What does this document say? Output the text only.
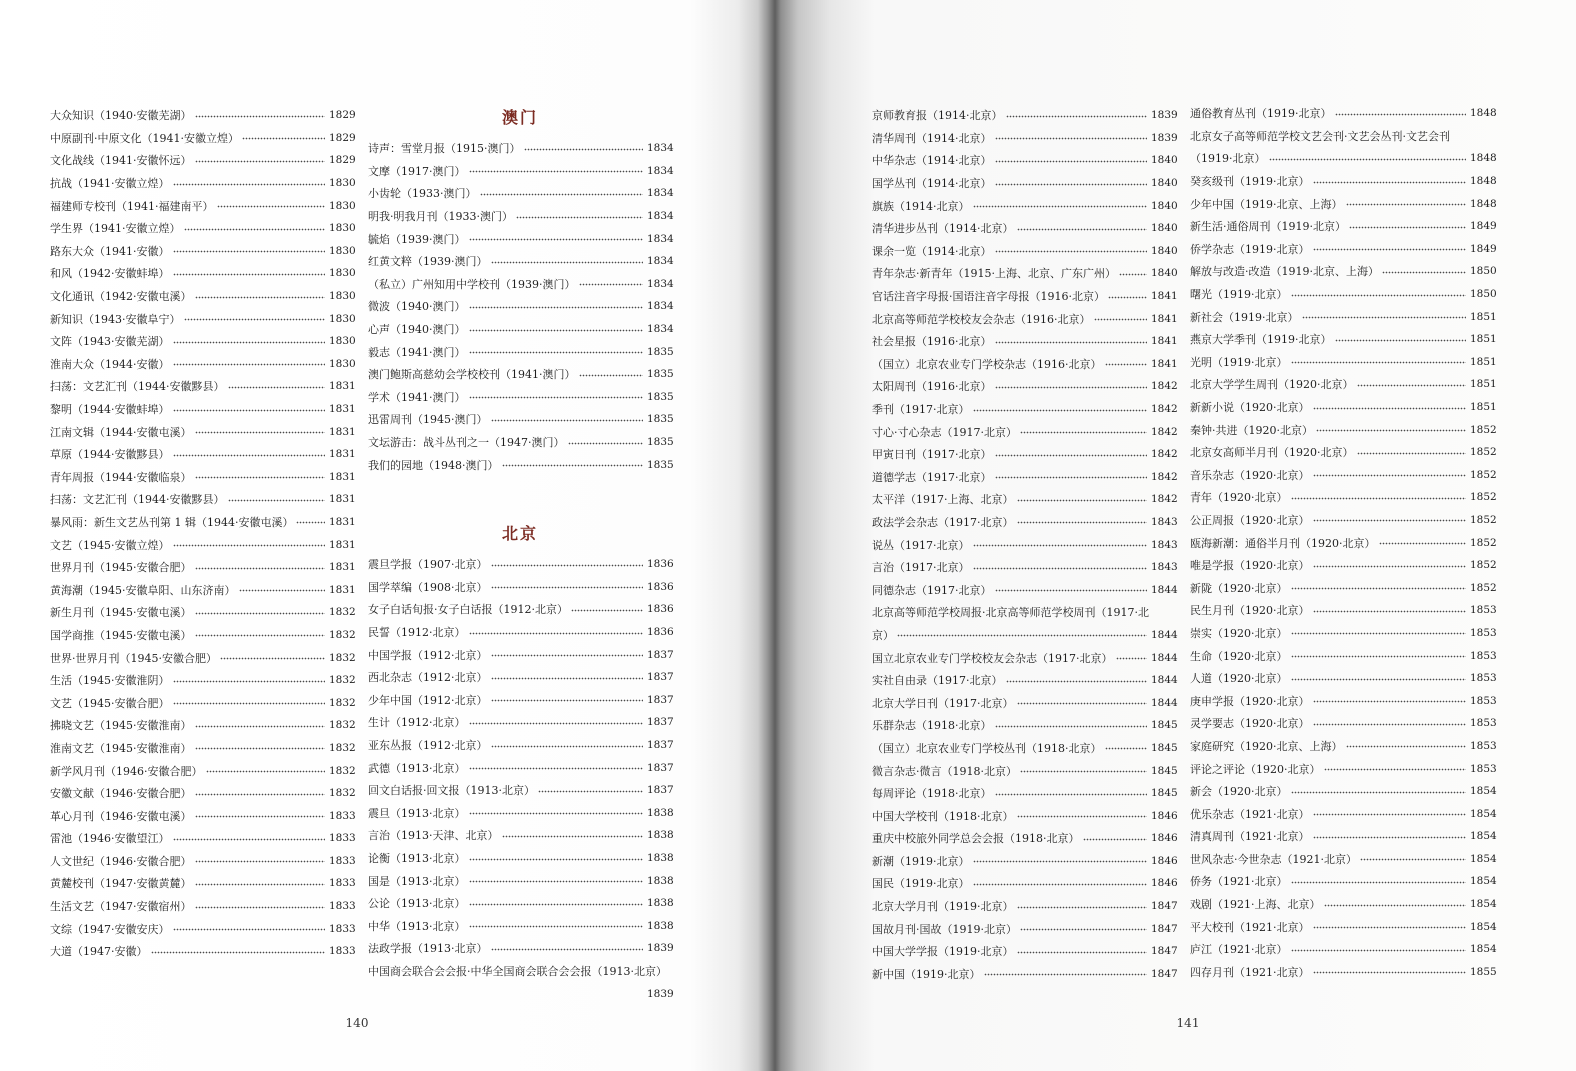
大众知识（1940·安徽芜湖）	1829
中原副刊·中原文化（1941·安徽立煌）	1829
文化战线（1941·安徽怀远）	1829
抗战（1941·安徽立煌）	1830
福建师专校刊（1941·福建南平）	1830
学生界（1941·安徽立煌）	1830
路东大众（1941·安徽）	1830
和风（1942·安徽蚌埠）	1830
文化通讯（1942·安徽屯溪）	1830
新知识（1943·安徽阜宁）	1830
文阵（1943·安徽芜湖）	1830
淮南大众（1944·安徽）	1830
扫荡：文艺汇刊（1944·安徽黟县）	1831
黎明（1944·安徽蚌埠）	1831
江南文辑（1944·安徽屯溪）	1831
草原（1944·安徽黟县）	1831
青年周报（1944·安徽临泉）	1831
扫荡：文艺汇刊（1944·安徽黟县）	1831
暴风雨：新生文艺丛刊第 1 辑（1944·安徽屯溪）	1831
文艺（1945·安徽立煌）	1831
世界月刊（1945·安徽合肥）	1831
黄海潮（1945·安徽阜阳、山东济南）	1831
新生月刊（1945·安徽屯溪）	1832
国学商推（1945·安徽屯溪）	1832
世界·世界月刊（1945·安徽合肥）	1832
生活（1945·安徽淮阴）	1832
文艺（1945·安徽合肥）	1832
拂晓文艺（1945·安徽淮南）	1832
淮南文艺（1945·安徽淮南）	1832
新学风月刊（1946·安徽合肥）	1832
安徽文献（1946·安徽合肥）	1832
革心月刊（1946·安徽屯溪）	1833
雷池（1946·安徽望江）	1833
人文世纪（1946·安徽合肥）	1833
黄麓校刊（1947·安徽黄麓）	1833
生活文艺（1947·安徽宿州）	1833
文综（1947·安徽安庆）	1833
大道（1947·安徽）	1833
澳门
诗声：雪堂月报（1915·澳门）	1834
文摩（1917·澳门）	1834
小齿轮（1933·澳门）	1834
明我·明我月刊（1933·澳门）	1834
毓焰（1939·澳门）	1834
红黄文粹（1939·澳门）	1834
（私立）广州知用中学校刊（1939·澳门）	1834
微波（1940·澳门）	1834
心声（1940·澳门）	1834
毅志（1941·澳门）	1835
澳门鲍斯高慈幼会学校校刊（1941·澳门）	1835
学术（1941·澳门）	1835
迅雷周刊（1945·澳门）	1835
文坛游击：战斗丛刊之一（1947·澳门）	1835
我们的园地（1948·澳门）	1835
北京
震旦学报（1907·北京）	1836
国学萃编（1908·北京）	1836
女子白话旬报·女子白话报（1912·北京）	1836
民誓（1912·北京）	1836
中国学报（1912·北京）	1837
西北杂志（1912·北京）	1837
少年中国（1912·北京）	1837
生计（1912·北京）	1837
亚东丛报（1912·北京）	1837
武德（1913·北京）	1837
回文白话报·回文报（1913·北京）	1837
震旦（1913·北京）	1838
言治（1913·天津、北京）	1838
论衡（1913·北京）	1838
国是（1913·北京）	1838
公论（1913·北京）	1838
中华（1913·北京）	1838
法政学报（1913·北京）	1839
中国商会联合会会报·中华全国商会联合会会报（1913·北京）
1839
140
京师教育报（1914·北京）	1839
清华周刊（1914·北京）	1839
中华杂志（1914·北京）	1840
国学丛刊（1914·北京）	1840
旗族（1914·北京）	1840
清华进步丛刊（1914·北京）	1840
课余一览（1914·北京）	1840
青年杂志·新青年（1915·上海、北京、广东广州）	1840
官话注音字母报·国语注音字母报（1916·北京）	1841
北京高等师范学校校友会杂志（1916·北京）	1841
社会星报（1916·北京）	1841
（国立）北京农业专门学校杂志（1916·北京）	1841
太阳周刊（1916·北京）	1842
季刊（1917·北京）	1842
寸心·寸心杂志（1917·北京）	1842
甲寅日刊（1917·北京）	1842
道德学志（1917·北京）	1842
太平洋（1917·上海、北京）	1842
政法学会杂志（1917·北京）	1843
说丛（1917·北京）	1843
言治（1917·北京）	1843
同德杂志（1917·北京）	1844
北京高等师范学校周报·北京高等师范学校周刊（1917·北
京）	1844
国立北京农业专门学校校友会杂志（1917·北京）	1844
实社自由录（1917·北京）	1844
北京大学日刊（1917·北京）	1844
乐群杂志（1918·北京）	1845
（国立）北京农业专门学校丛刊（1918·北京）	1845
微言杂志·微言（1918·北京）	1845
每周评论（1918·北京）	1845
中国大学校刊（1918·北京）	1846
重庆中校旅外同学总会会报（1918·北京）	1846
新潮（1919·北京）	1846
国民（1919·北京）	1846
北京大学月刊（1919·北京）	1847
国故月刊·国故（1919·北京）	1847
中国大学学报（1919·北京）	1847
新中国（1919·北京）	1847
通俗教育丛刊（1919·北京）	1848
北京女子高等师范学校文艺会刊·文艺会丛刊·文艺会刊
（1919·北京）	1848
癸亥级刊（1919·北京）	1848
少年中国（1919·北京、上海）	1848
新生活·通俗周刊（1919·北京）	1849
侨学杂志（1919·北京）	1849
解放与改造·改造（1919·北京、上海）	1850
曙光（1919·北京）	1850
新社会（1919·北京）	1851
燕京大学季刊（1919·北京）	1851
光明（1919·北京）	1851
北京大学学生周刊（1920·北京）	1851
新新小说（1920·北京）	1851
秦钟·共进（1920·北京）	1852
北京女高师半月刊（1920·北京）	1852
音乐杂志（1920·北京）	1852
青年（1920·北京）	1852
公正周报（1920·北京）	1852
瓯海新潮：通俗半月刊（1920·北京）	1852
唯是学报（1920·北京）	1852
新陇（1920·北京）	1852
民生月刊（1920·北京）	1853
崇实（1920·北京）	1853
生命（1920·北京）	1853
人道（1920·北京）	1853
庚申学报（1920·北京）	1853
灵学要志（1920·北京）	1853
家庭研究（1920·北京、上海）	1853
评论之评论（1920·北京）	1853
新会（1920·北京）	1854
优乐杂志（1921·北京）	1854
清真周刊（1921·北京）	1854
世风杂志·今世杂志（1921·北京）	1854
侨务（1921·北京）	1854
戏剧（1921·上海、北京）	1854
平大校刊（1921·北京）	1854
庐江（1921·北京）	1854
四存月刊（1921·北京）	1855
141
